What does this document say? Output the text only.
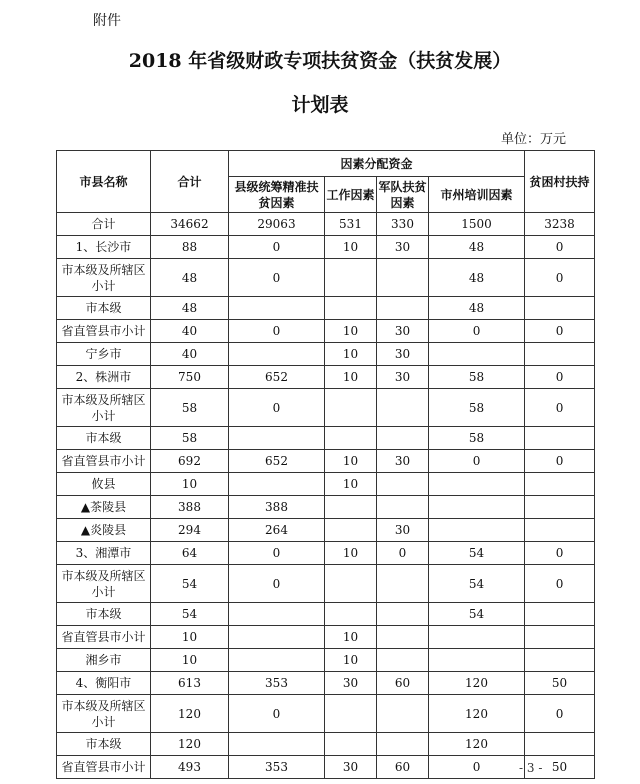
附件
2018 年省级财政专项扶贫资金（扶贫发展）
计划表
单位：万元
市县名称	合计	因素分配资金				贫困村扶持
		县级统筹精准扶贫因素	工作因素	军队扶贫因素	市州培训因素	
合计	34662	29063	531	330	1500	3238
1、长沙市	88	0	10	30	48	0
市本级及所辖区小计	48	0			48	0
市本级	48				48	
省直管县市小计	40	0	10	30	0	0
宁乡市	40		10	30		
2、株洲市	750	652	10	30	58	0
市本级及所辖区小计	58	0			58	0
市本级	58				58	
省直管县市小计	692	652	10	30	0	0
攸县	10		10			
▲茶陵县	388	388				
▲炎陵县	294	264		30		
3、湘潭市	64	0	10	0	54	0
市本级及所辖区小计	54	0			54	0
市本级	54				54	
省直管县市小计	10		10			
湘乡市	10		10			
4、衡阳市	613	353	30	60	120	50
市本级及所辖区小计	120	0			120	0
市本级	120				120	
省直管县市小计	493	353	30	60	0	50
- 3 -
